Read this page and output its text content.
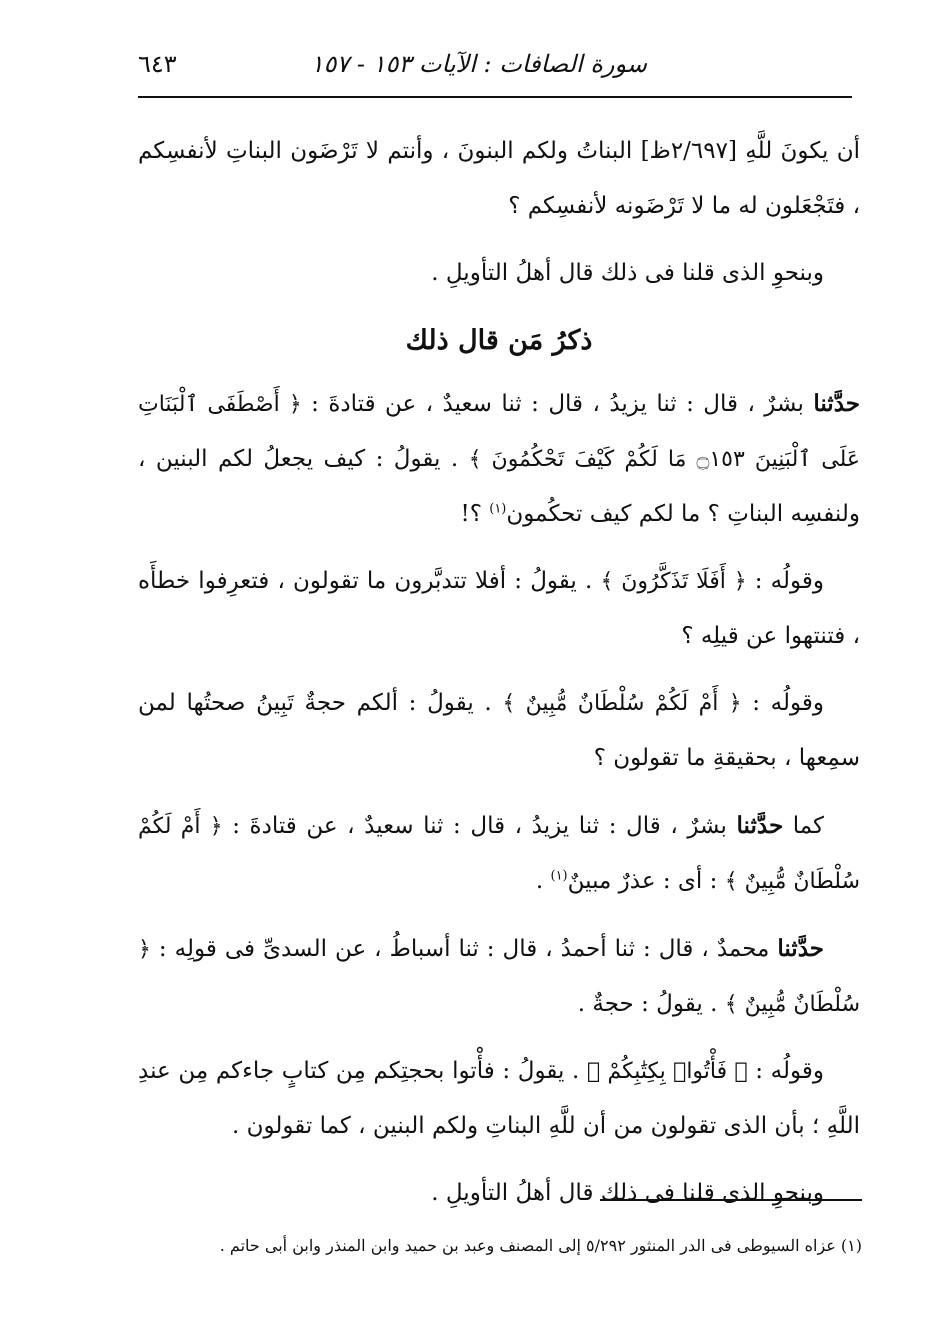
سورة الصافات : الآيات ١٥٣ - ١٥٧
٦٤٣

أن يكونَ للَّهِ [٢/٦٩٧ظ] البناتُ ولكم البنونَ ، وأنتم لا تَرْضَون البناتِ لأنفسِكم ، فتَجْعَلون له ما لا تَرْضَونه لأنفسِكم ؟

وبنحوِ الذى قلنا فى ذلك قال أهلُ التأويلِ .

ذكرُ مَن قال ذلك

حدَّثنا بشرٌ ، قال : ثنا يزيدُ ، قال : ثنا سعيدٌ ، عن قتادةَ : ﴿ أَصْطَفَى ٱلْبَنَاتِ عَلَى ٱلْبَنِينَ ۝١٥٣ مَا لَكُمْ كَيْفَ تَحْكُمُونَ ﴾ . يقولُ : كيف يجعلُ لكم البنين ، ولنفسِه البناتِ ؟ ما لكم كيف تحكُمون$^{(١)}$ ؟!

وقولُه : ﴿ أَفَلَا تَذَكَّرُونَ ﴾ . يقولُ : أفلا تتدبَّرون ما تقولون ، فتعرِفوا خطأَه ، فتنتهوا عن قيلِه ؟

وقولُه : ﴿ أَمْ لَكُمْ سُلْطَانٌ مُّبِينٌ ﴾ . يقولُ : ألكم حجةٌ تَبِينُ صحتُها لمن سمِعها ، بحقيقةِ ما تقولون ؟

كما حدَّثنا بشرٌ ، قال : ثنا يزيدُ ، قال : ثنا سعيدٌ ، عن قتادةَ : ﴿ أَمْ لَكُمْ سُلْطَانٌ مُّبِينٌ ﴾ : أى : عذرٌ مبينٌ$^{(١)}$ .

حدَّثنا محمدٌ ، قال : ثنا أحمدُ ، قال : ثنا أسباطُ ، عن السدىِّ فى قولِه : ﴿ سُلْطَانٌ مُّبِينٌ ﴾ . يقولُ : حجةٌ .

وقولُه : ﴿ فَأْتُوا۟ بِكِتَٰبِكُمْ ﴾ . يقولُ : فأْتوا بحجتِكم مِن كتابٍ جاءكم مِن عندِ اللَّهِ ؛ بأن الذى تقولون من أن للَّهِ البناتِ ولكم البنين ، كما تقولون .

وبنحوِ الذى قلنا فى ذلك قال أهلُ التأويلِ .

(١) عزاه السيوطى فى الدر المنثور ٥/٢٩٢ إلى المصنف وعبد بن حميد وابن المنذر وابن أبى حاتم .
